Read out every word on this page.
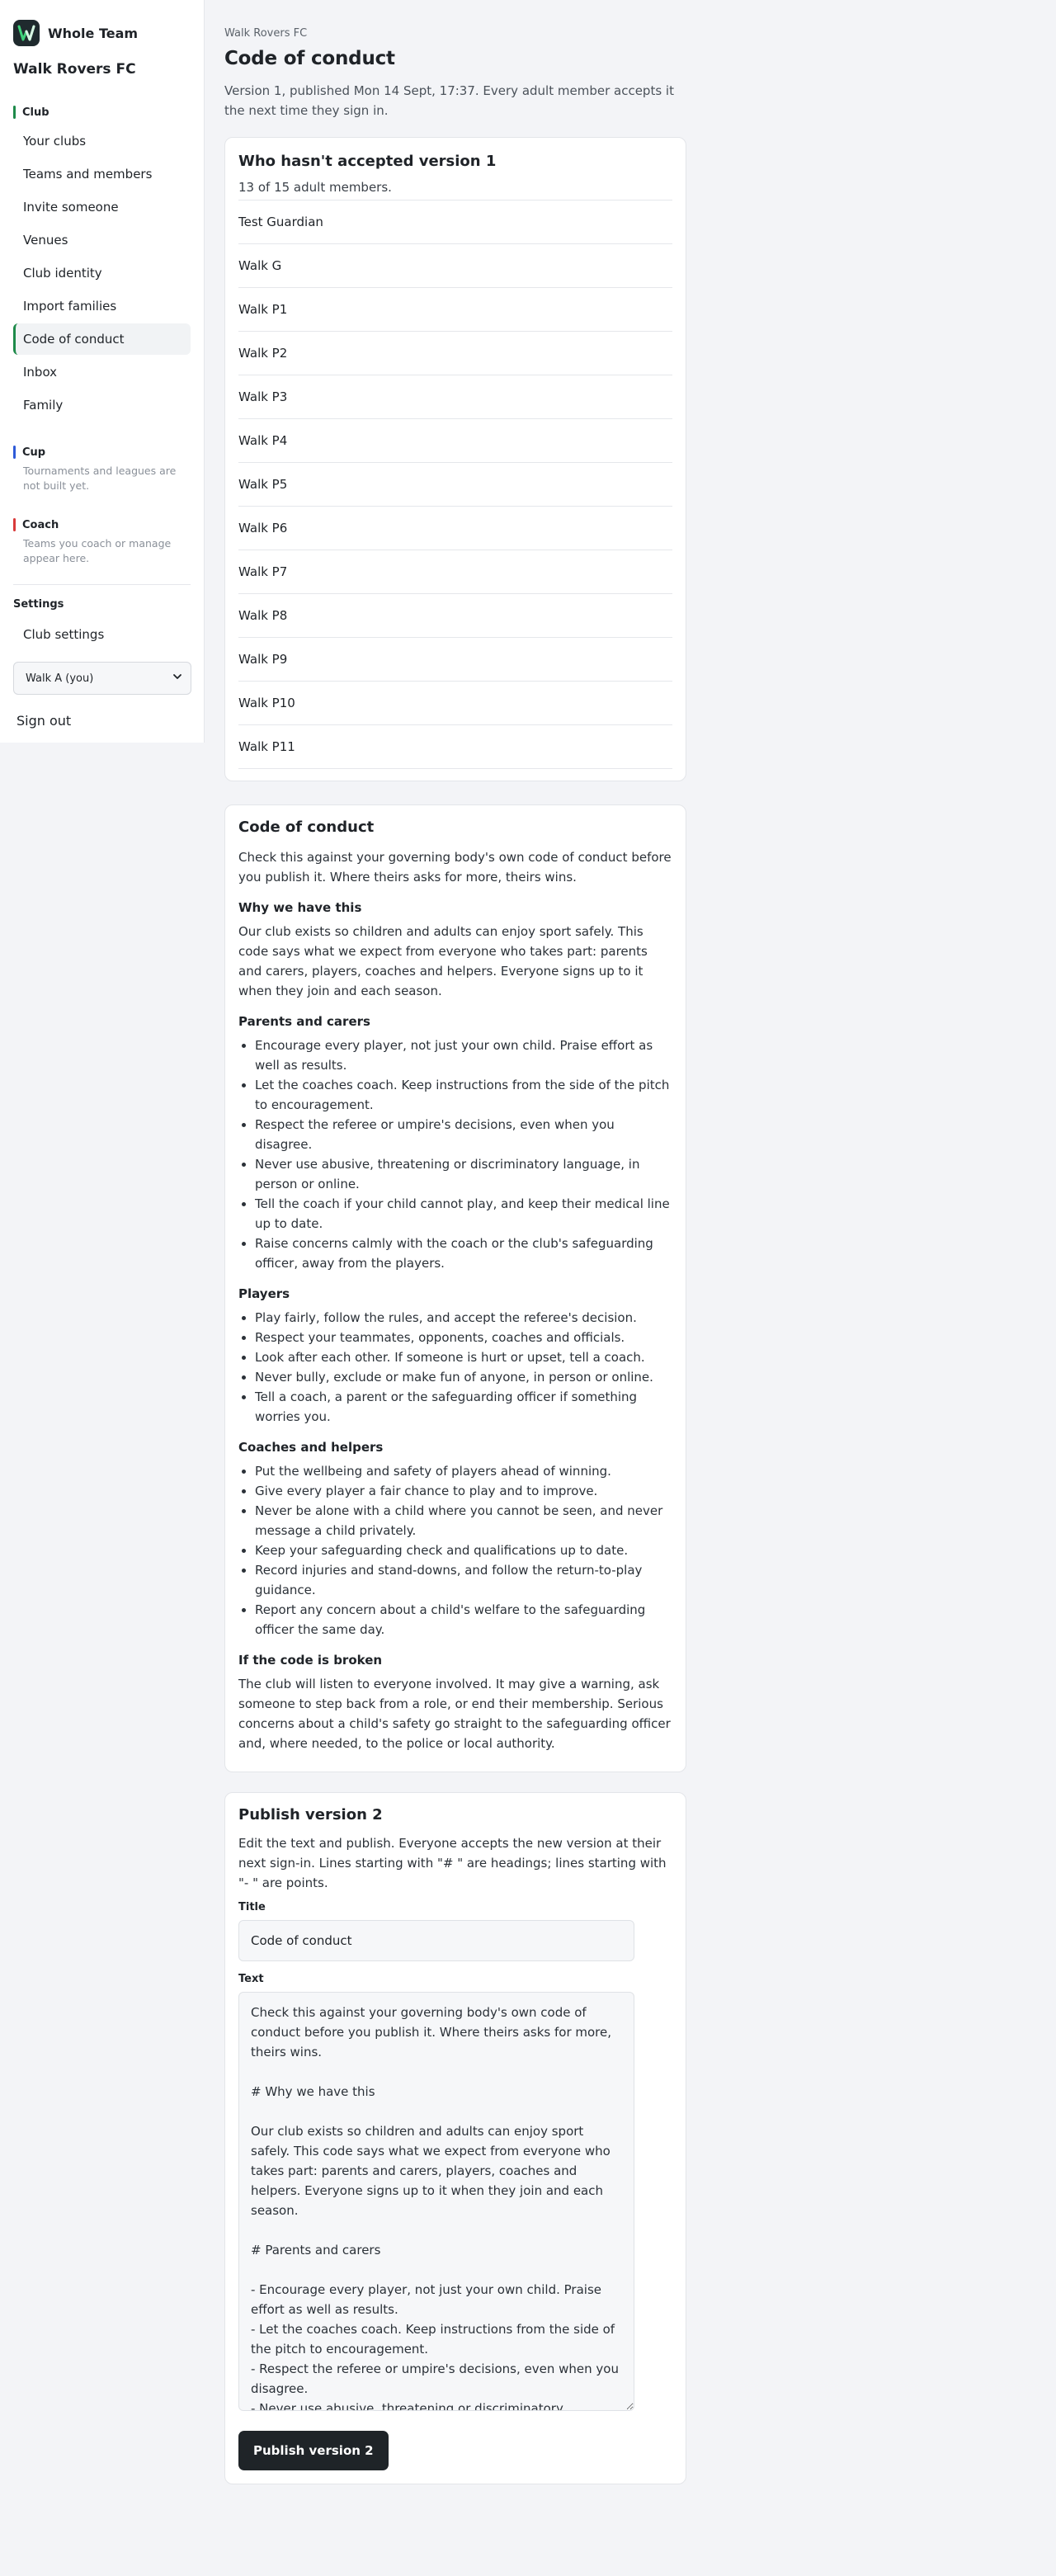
Whole Team
Walk Rovers FC
Club
Your clubs
Teams and members
Invite someone
Venues
Club identity
Import families
Code of conduct
Inbox
Family
Cup
Tournaments and leagues are not built yet.
Coach
Teams you coach or manage appear here.
Settings
Club settings
Walk A (you)
Sign out
Walk Rovers FC
Code of conduct

Version 1, published Mon 14 Sept, 17:37. Every adult member accepts it the next time they sign in.

Who hasn't accepted version 1
13 of 15 adult members.
Test Guardian
Walk G
Walk P1
Walk P2
Walk P3
Walk P4
Walk P5
Walk P6
Walk P7
Walk P8
Walk P9
Walk P10
Walk P11
Code of conduct

Check this against your governing body's own code of conduct before you publish it. Where theirs asks for more, theirs wins.

Why we have this

Our club exists so children and adults can enjoy sport safely. This code says what we expect from everyone who takes part: parents and carers, players, coaches and helpers. Everyone signs up to it when they join and each season.

Parents and carers
• Encourage every player, not just your own child. Praise effort as well as results.
• Let the coaches coach. Keep instructions from the side of the pitch to encouragement.
• Respect the referee or umpire's decisions, even when you disagree.
• Never use abusive, threatening or discriminatory language, in person or online.
• Tell the coach if your child cannot play, and keep their medical line up to date.
• Raise concerns calmly with the coach or the club's safeguarding officer, away from the players.
Players
• Play fairly, follow the rules, and accept the referee's decision.
• Respect your teammates, opponents, coaches and officials.
• Look after each other. If someone is hurt or upset, tell a coach.
• Never bully, exclude or make fun of anyone, in person or online.
• Tell a coach, a parent or the safeguarding officer if something worries you.
Coaches and helpers
• Put the wellbeing and safety of players ahead of winning.
• Give every player a fair chance to play and to improve.
• Never be alone with a child where you cannot be seen, and never message a child privately.
• Keep your safeguarding check and qualifications up to date.
• Record injuries and stand-downs, and follow the return-to-play guidance.
• Report any concern about a child's welfare to the safeguarding officer the same day.
If the code is broken

The club will listen to everyone involved. It may give a warning, ask someone to step back from a role, or end their membership. Serious concerns about a child's safety go straight to the safeguarding officer and, where needed, to the police or local authority.

Publish version 2

Edit the text and publish. Everyone accepts the new version at their next sign-in. Lines starting with "# " are headings; lines starting with "- " are points.

Title
Code of conduct
Text
Check this against your governing body's own code of conduct before you publish it. Where theirs asks for more, theirs wins. # Why we have this Our club exists so children and adults can enjoy sport safely. This code says what we expect from everyone who takes part: parents and carers, players, coaches and helpers. Everyone signs up to it when they join and each season. # Parents and carers - Encourage every player, not just your own child. Praise effort as well as results. - Let the coaches coach. Keep instructions from the side of the pitch to encouragement. - Respect the referee or umpire's decisions, even when you disagree. - Never use abusive, threatening or discriminatory language, in person or online.
Publish version 2
